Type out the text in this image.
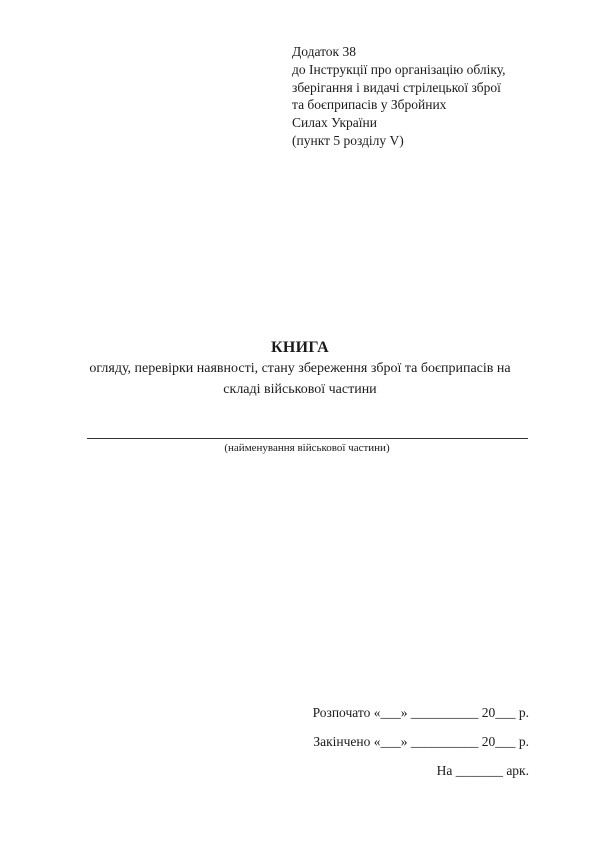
Додаток 38
до Інструкції про організацію обліку,
зберігання і видачі стрілецької зброї
та боєприпасів у Збройних
Силах України
(пункт 5 розділу V)
КНИГА
огляду, перевірки наявності, стану збереження зброї та боєприпасів на
складі військової частини
(найменування військової частини)
Розпочато «___» __________ 20___ р.
Закінчено «___» __________ 20___ р.
На _______ арк.
